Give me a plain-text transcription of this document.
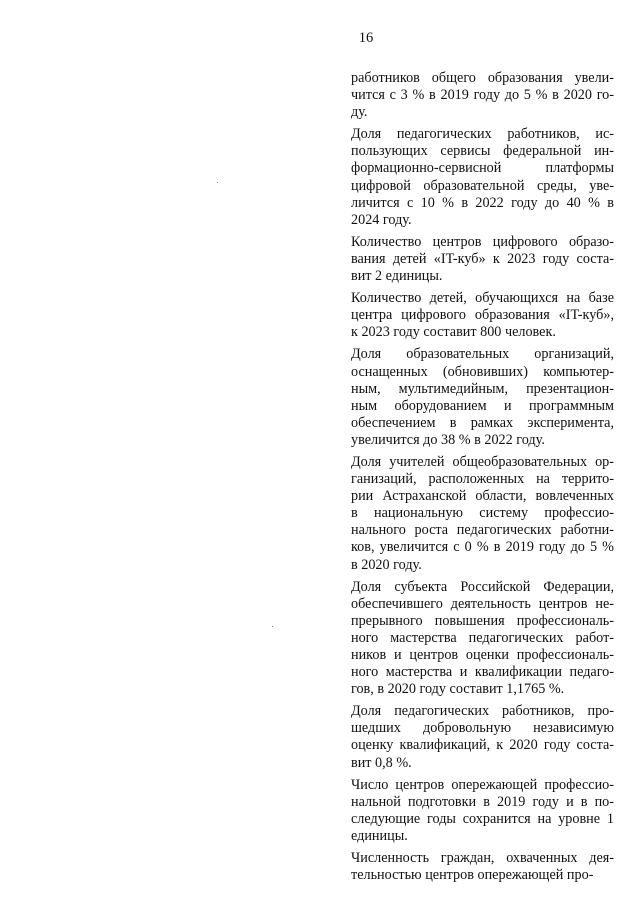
16
работников общего образования увели-
чится с 3 % в 2019 году до 5 % в 2020 го-
ду.
Доля педагогических работников, ис-
пользующих сервисы федеральной ин-
формационно-сервисной платформы
цифровой образовательной среды, уве-
личится с 10 % в 2022 году до 40 % в
2024 году.
Количество центров цифрового образо-
вания детей «IT-куб» к 2023 году соста-
вит 2 единицы.
Количество детей, обучающихся на базе
центра цифрового образования «IT-куб»,
к 2023 году составит 800 человек.
Доля образовательных организаций,
оснащенных (обновивших) компьютер-
ным, мультимедийным, презентацион-
ным оборудованием и программным
обеспечением в рамках эксперимента,
увеличится до 38 % в 2022 году.
Доля учителей общеобразовательных ор-
ганизаций, расположенных на террито-
рии Астраханской области, вовлеченных
в национальную систему профессио-
нального роста педагогических работни-
ков, увеличится с 0 % в 2019 году до 5 %
в 2020 году.
Доля субъекта Российской Федерации,
обеспечившего деятельность центров не-
прерывного повышения профессиональ-
ного мастерства педагогических работ-
ников и центров оценки профессиональ-
ного мастерства и квалификации педаго-
гов, в 2020 году составит 1,1765 %.
Доля педагогических работников, про-
шедших добровольную независимую
оценку квалификаций, к 2020 году соста-
вит 0,8 %.
Число центров опережающей профессио-
нальной подготовки в 2019 году и в по-
следующие годы сохранится на уровне 1
единицы.
Численность граждан, охваченных дея-
тельностью центров опережающей про-
